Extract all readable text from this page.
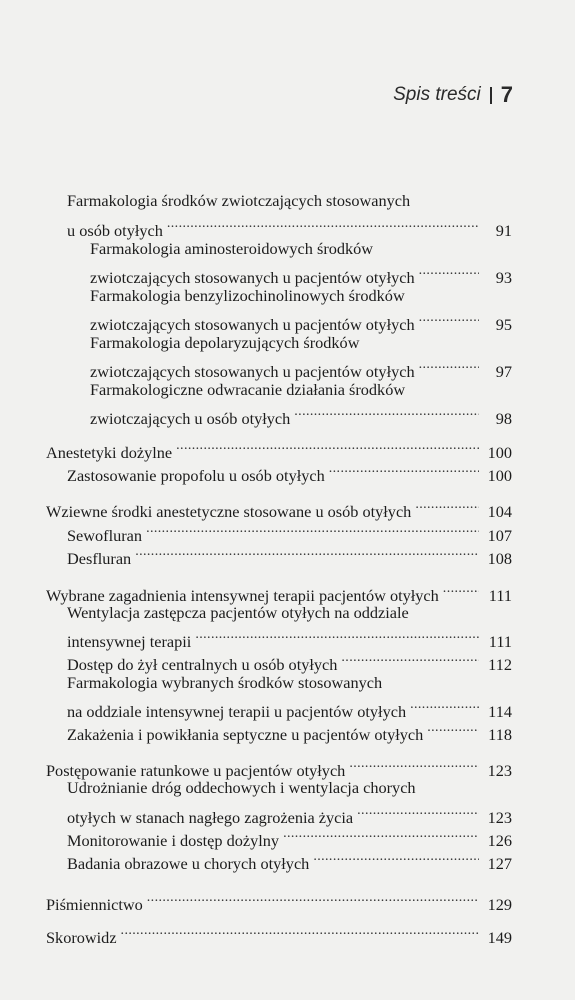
Spis treści 7
Farmakologia środków zwiotczających stosowanych
u osób otyłych .....	91
Farmakologia aminosteroidowych środków
zwiotczających stosowanych u pacjentów otyłych .....	93
Farmakologia benzylizochinolinowych środków
zwiotczających stosowanych u pacjentów otyłych .....	95
Farmakologia depolaryzujących środków
zwiotczających stosowanych u pacjentów otyłych .....	97
Farmakologiczne odwracanie działania środków
zwiotczających u osób otyłych .....	98
Anestetyki dożylne .....	100
Zastosowanie propofolu u osób otyłych .....	100
Wziewne środki anestetyczne stosowane u osób otyłych .....	104
Sewofluran .....	107
Desfluran .....	108
Wybrane zagadnienia intensywnej terapii pacjentów otyłych .....	111
Wentylacja zastępcza pacjentów otyłych na oddziale
intensywnej terapii .....	111
Dostęp do żył centralnych u osób otyłych .....	112
Farmakologia wybranych środków stosowanych
na oddziale intensywnej terapii u pacjentów otyłych .....	114
Zakażenia i powikłania septyczne u pacjentów otyłych .....	118
Postępowanie ratunkowe u pacjentów otyłych .....	123
Udrożnianie dróg oddechowych i wentylacja chorych
otyłych w stanach nagłego zagrożenia życia .....	123
Monitorowanie i dostęp dożylny .....	126
Badania obrazowe u chorych otyłych .....	127
Piśmiennictwo .....	129
Skorowidz .....	149
